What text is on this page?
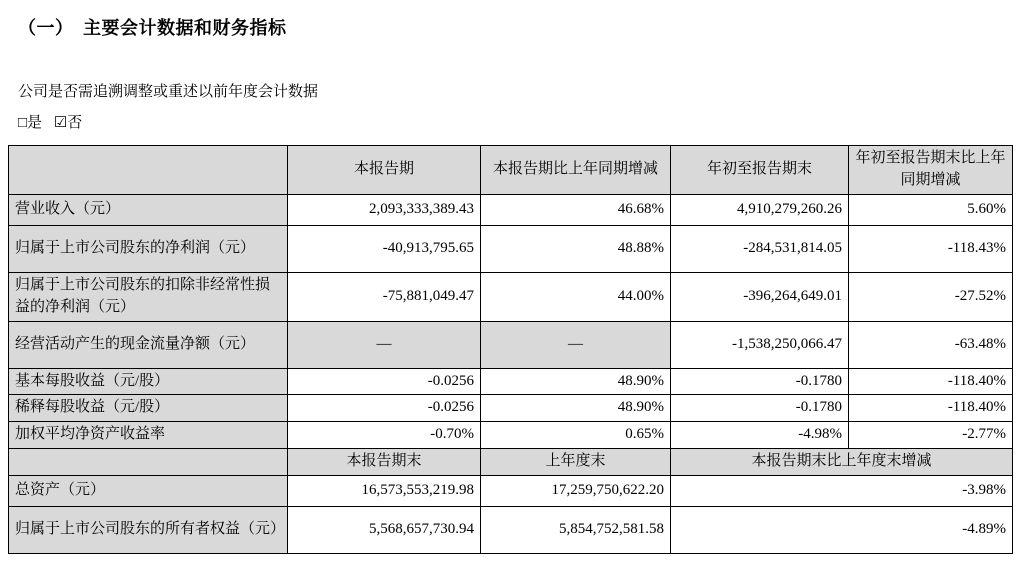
（一）　主要会计数据和财务指标

公司是否需追溯调整或重述以前年度会计数据

□是 ☑否

	本报告期	本报告期比上年同期增减	年初至报告期末	年初至报告期末比上年同期增减
营业收入（元）	2,093,333,389.43	46.68%	4,910,279,260.26	5.60%
归属于上市公司股东的净利润（元）	-40,913,795.65	48.88%	-284,531,814.05	-118.43%
归属于上市公司股东的扣除非经常性损益的净利润（元）	-75,881,049.47	44.00%	-396,264,649.01	-27.52%
经营活动产生的现金流量净额（元）	—	—	-1,538,250,066.47	-63.48%
基本每股收益（元/股）	-0.0256	48.90%	-0.1780	-118.40%
稀释每股收益（元/股）	-0.0256	48.90%	-0.1780	-118.40%
加权平均净资产收益率	-0.70%	0.65%	-4.98%	-2.77%
	本报告期末	上年度末	本报告期末比上年度末增减	
总资产（元）	16,573,553,219.98	17,259,750,622.20	-3.98%	
归属于上市公司股东的所有者权益（元）	5,568,657,730.94	5,854,752,581.58	-4.89%	
